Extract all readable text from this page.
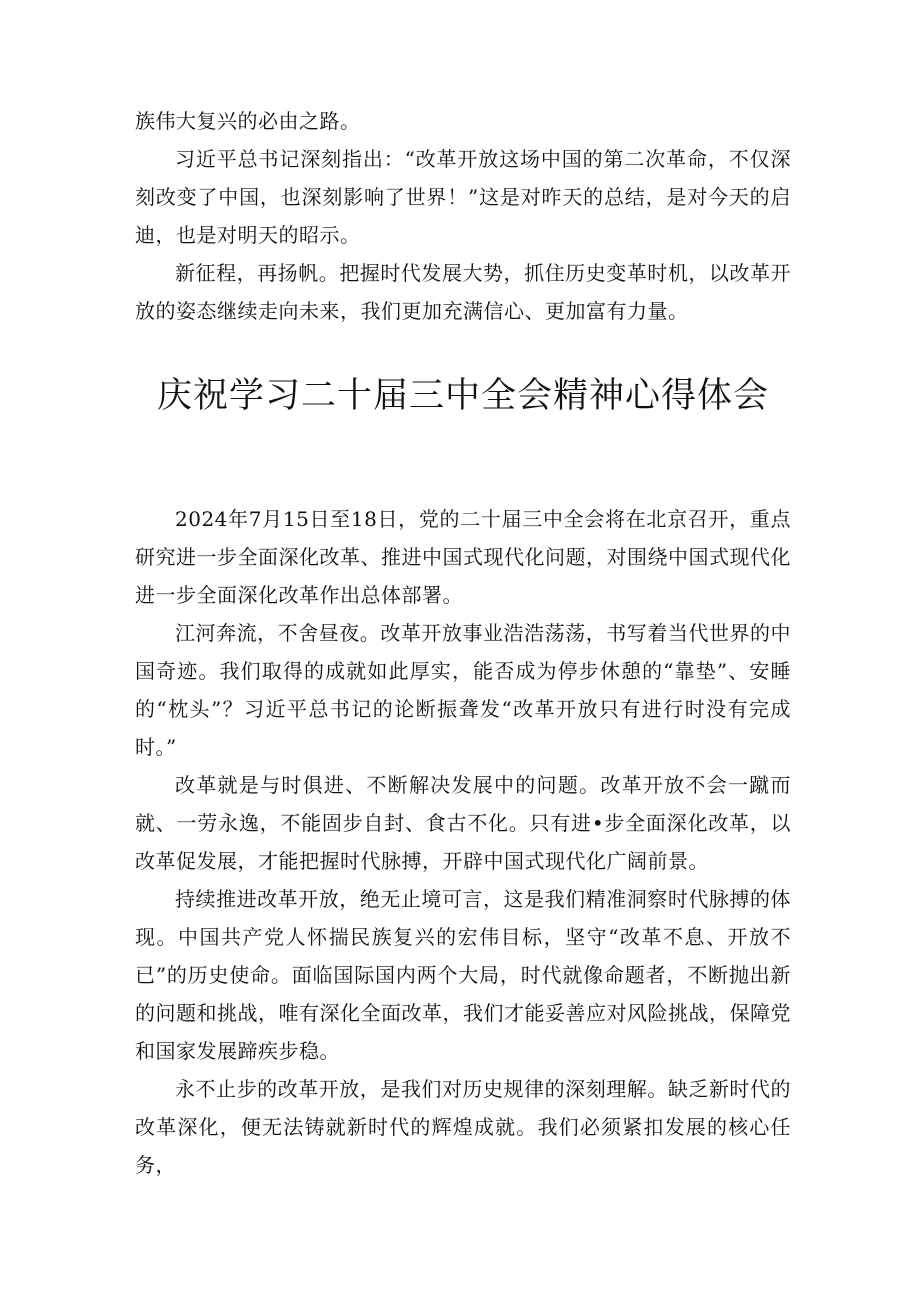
族伟大复兴的必由之路。

习近平总书记深刻指出：“改革开放这场中国的第二次革命，不仅深刻改变了中国，也深刻影响了世界！”这是对昨天的总结，是对今天的启迪，也是对明天的昭示。

新征程，再扬帆。把握时代发展大势，抓住历史变革时机，以改革开放的姿态继续走向未来，我们更加充满信心、更加富有力量。

庆祝学习二十届三中全会精神心得体会

2024年7月15日至18日，党的二十届三中全会将在北京召开，重点研究进一步全面深化改革、推进中国式现代化问题，对围绕中国式现代化进一步全面深化改革作出总体部署。

江河奔流，不舍昼夜。改革开放事业浩浩荡荡，书写着当代世界的中国奇迹。我们取得的成就如此厚实，能否成为停步休憩的“靠垫”、安睡的“枕头”？习近平总书记的论断振聋发“改革开放只有进行时没有完成时。”

改革就是与时俱进、不断解决发展中的问题。改革开放不会一蹴而就、一劳永逸，不能固步自封、食古不化。只有进•步全面深化改革，以改革促发展，才能把握时代脉搏，开辟中国式现代化广阔前景。

持续推进改革开放，绝无止境可言，这是我们精准洞察时代脉搏的体现。中国共产党人怀揣民族复兴的宏伟目标，坚守“改革不息、开放不已”的历史使命。面临国际国内两个大局，时代就像命题者，不断抛出新的问题和挑战，唯有深化全面改革，我们才能妥善应对风险挑战，保障党和国家发展蹄疾步稳。

永不止步的改革开放，是我们对历史规律的深刻理解。缺乏新时代的改革深化，便无法铸就新时代的辉煌成就。我们必须紧扣发展的核心任务，
